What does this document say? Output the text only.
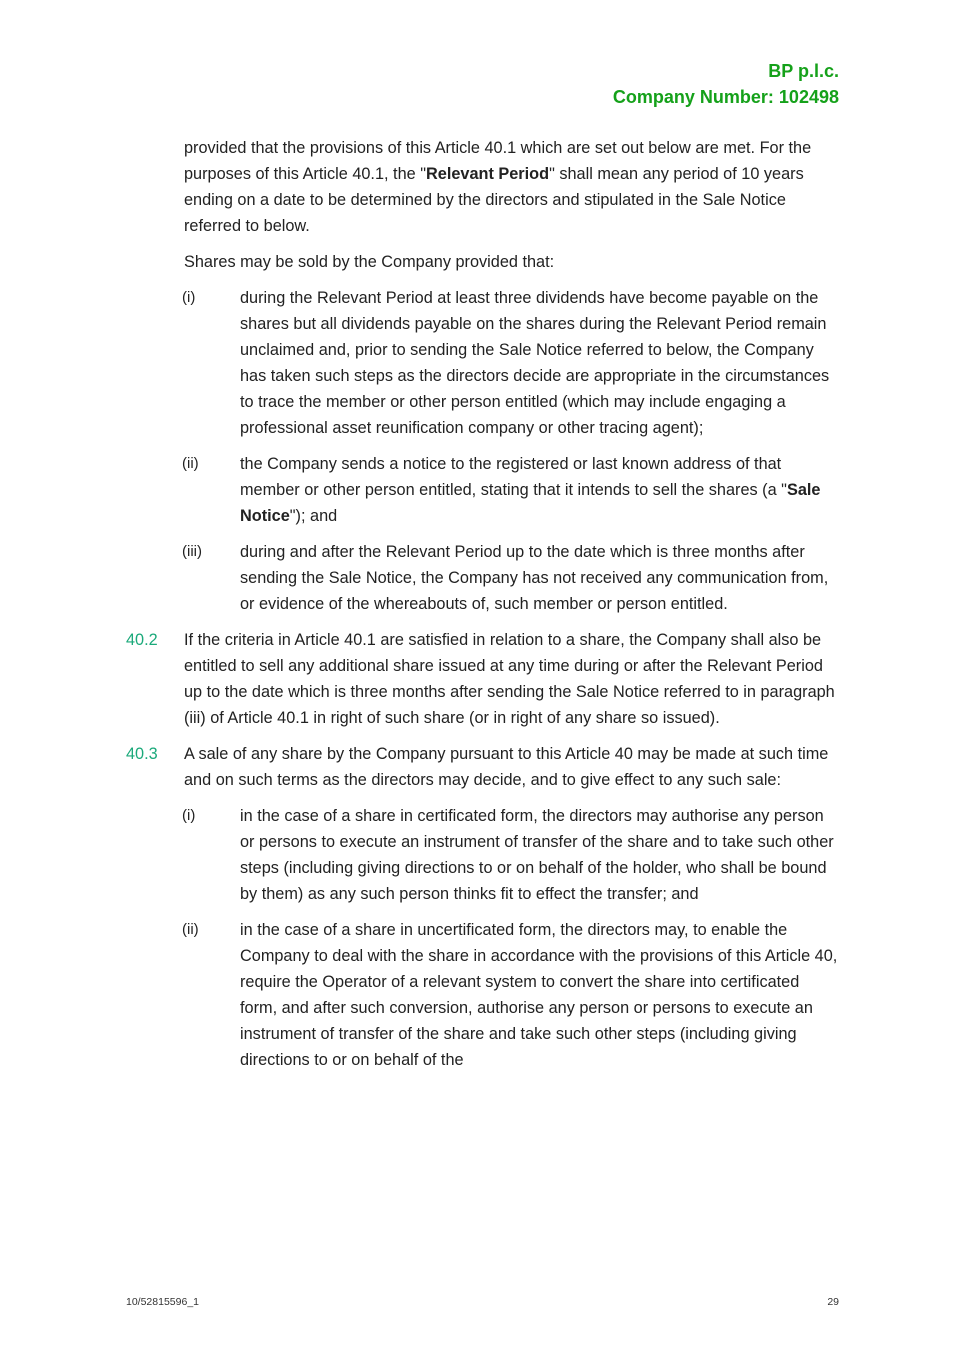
BP p.l.c.
Company Number: 102498

provided that the provisions of this Article 40.1 which are set out below are met. For the purposes of this Article 40.1, the "Relevant Period" shall mean any period of 10 years ending on a date to be determined by the directors and stipulated in the Sale Notice referred to below.

Shares may be sold by the Company provided that:

(i)	during the Relevant Period at least three dividends have become payable on the shares but all dividends payable on the shares during the Relevant Period remain unclaimed and, prior to sending the Sale Notice referred to below, the Company has taken such steps as the directors decide are appropriate in the circumstances to trace the member or other person entitled (which may include engaging a professional asset reunification company or other tracing agent);
(ii)	the Company sends a notice to the registered or last known address of that member or other person entitled, stating that it intends to sell the shares (a "Sale Notice"); and
(iii) during and after the Relevant Period up to the date which is three months after sending the Sale Notice, the Company has not received any communication from, or evidence of the whereabouts of, such member or person entitled.
40.2 If the criteria in Article 40.1 are satisfied in relation to a share, the Company shall also be entitled to sell any additional share issued at any time during or after the Relevant Period up to the date which is three months after sending the Sale Notice referred to in paragraph (iii) of Article 40.1 in right of such share (or in right of any share so issued).
40.3 A sale of any share by the Company pursuant to this Article 40 may be made at such time and on such terms as the directors may decide, and to give effect to any such sale:
(i)	in the case of a share in certificated form, the directors may authorise any person or persons to execute an instrument of transfer of the share and to take such other steps (including giving directions to or on behalf of the holder, who shall be bound by them) as any such person thinks fit to effect the transfer; and
(ii)	in the case of a share in uncertificated form, the directors may, to enable the Company to deal with the share in accordance with the provisions of this Article 40, require the Operator of a relevant system to convert the share into certificated form, and after such conversion, authorise any person or persons to execute an instrument of transfer of the share and take such other steps (including giving directions to or on behalf of the
10/52815596_1	29
